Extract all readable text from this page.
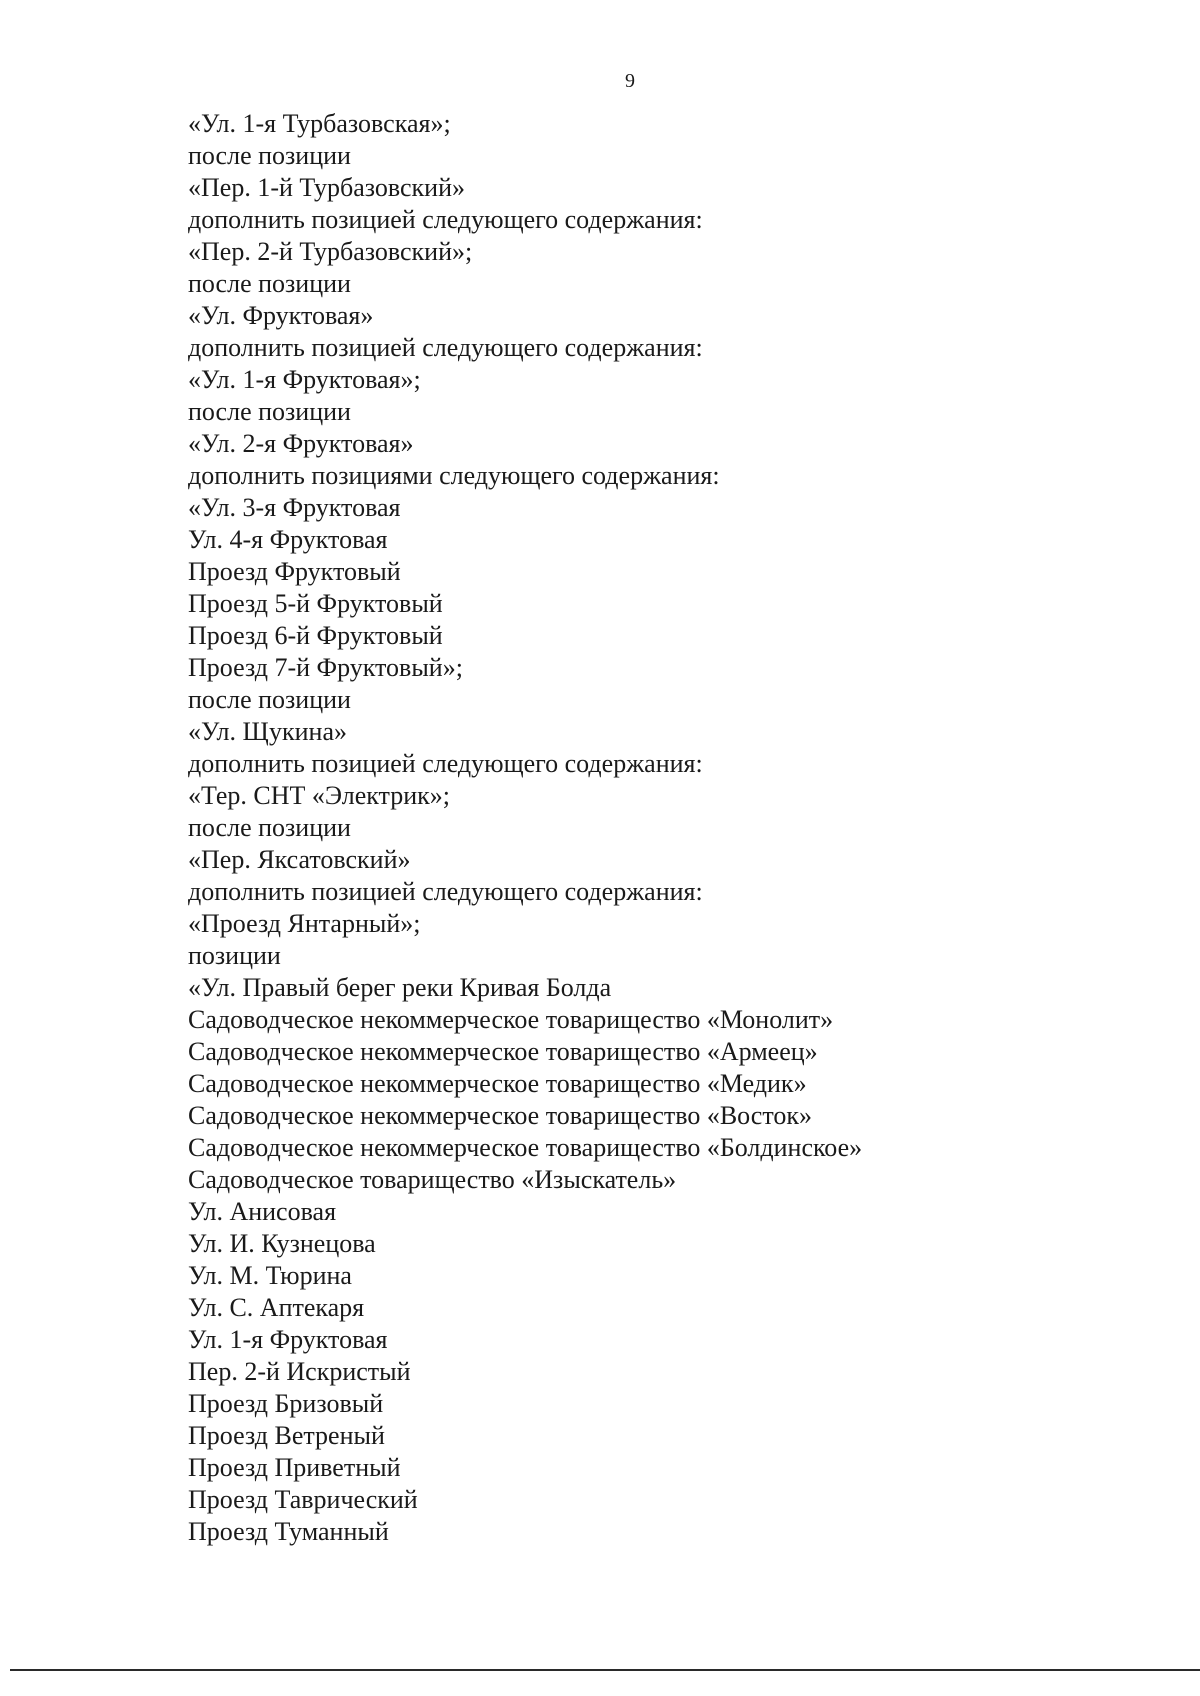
9
«Ул. 1-я Турбазовская»;
после позиции
«Пер. 1-й Турбазовский»
дополнить позицией следующего содержания:
«Пер. 2-й Турбазовский»;
после позиции
«Ул. Фруктовая»
дополнить позицией следующего содержания:
«Ул. 1-я Фруктовая»;
после позиции
«Ул. 2-я Фруктовая»
дополнить позициями следующего содержания:
«Ул. 3-я Фруктовая
Ул. 4-я Фруктовая
Проезд Фруктовый
Проезд 5-й Фруктовый
Проезд 6-й Фруктовый
Проезд 7-й Фруктовый»;
после позиции
«Ул. Щукина»
дополнить позицией следующего содержания:
«Тер. СНТ «Электрик»;
после позиции
«Пер. Яксатовский»
дополнить позицией следующего содержания:
«Проезд Янтарный»;
позиции
«Ул. Правый берег реки Кривая Болда
Садоводческое некоммерческое товарищество «Монолит»
Садоводческое некоммерческое товарищество «Армеец»
Садоводческое некоммерческое товарищество «Медик»
Садоводческое некоммерческое товарищество «Восток»
Садоводческое некоммерческое товарищество «Болдинское»
Садоводческое товарищество «Изыскатель»
Ул. Анисовая
Ул. И. Кузнецова
Ул. М. Тюрина
Ул. С. Аптекаря
Ул. 1-я Фруктовая
Пер. 2-й Искристый
Проезд Бризовый
Проезд Ветреный
Проезд Приветный
Проезд Таврический
Проезд Туманный
